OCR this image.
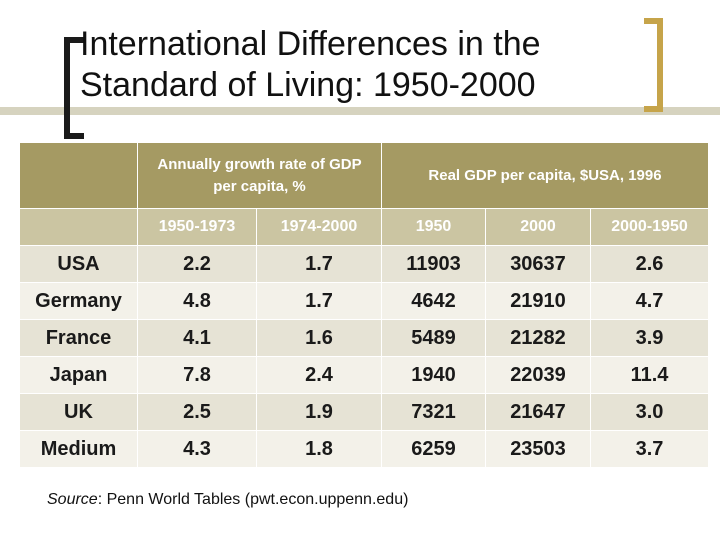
International Differences in the
Standard of Living: 1950-2000
	Annually growth rate of GDP per capita, %		Real GDP per capita, $USA, 1996		
	1950-1973	1974-2000	1950	2000	2000-1950
USA	2.2	1.7	11903	30637	2.6
Germany	4.8	1.7	4642	21910	4.7
France	4.1	1.6	5489	21282	3.9
Japan	7.8	2.4	1940	22039	11.4
UK	2.5	1.9	7321	21647	3.0
Medium	4.3	1.8	6259	23503	3.7
Source: Penn World Tables (pwt.econ.uppenn.edu)
